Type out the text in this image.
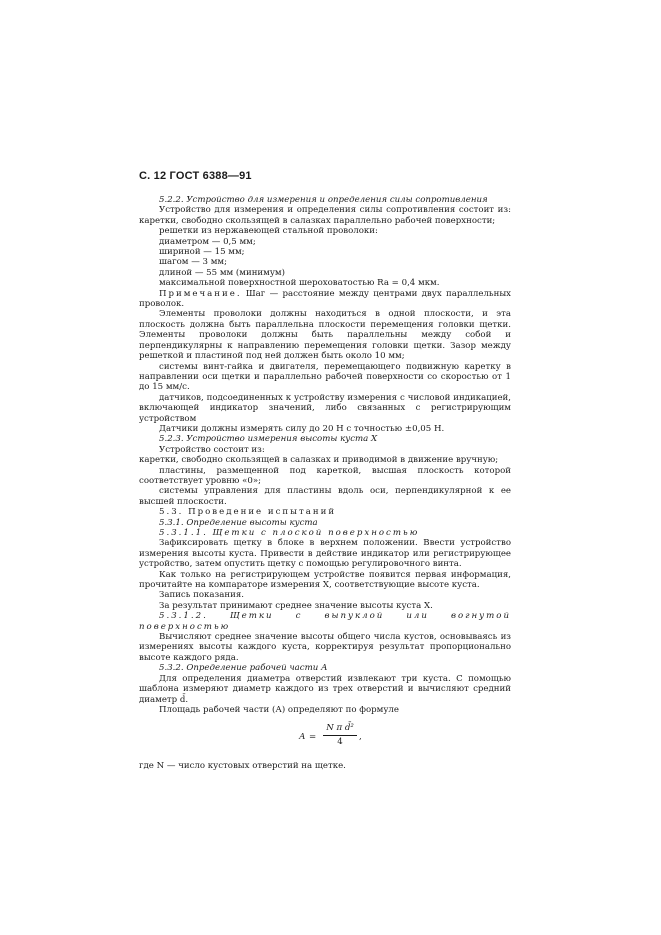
С. 12 ГОСТ 6388—91

5.2.2. Устройство для измерения и определения силы сопротивления

Устройство для измерения и определения силы сопротивления состоит из: каретки, свободно скользящей в салазках параллельно рабочей поверхности;

решетки из нержавеющей стальной проволоки:

диаметром — 0,5 мм;

шириной — 15 мм;

шагом — 3 мм;

длиной — 55 мм (минимум)

максимальной поверхностной шероховатостью Ra = 0,4 мкм.

Примечание. Шаг — расстояние между центрами двух параллельных проволок.

Элементы проволоки должны находиться в одной плоскости, и эта плоскость должна быть параллельна плоскости перемещения головки щетки. Элементы проволоки должны быть параллельны между собой и перпендикулярны к направлению перемещения головки щетки. Зазор между решеткой и пластиной под ней должен быть около 10 мм;

системы винт-гайка и двигателя, перемещающего подвижную каретку в направлении оси щетки и параллельно рабочей поверхности со скоростью от 1 до 15 мм/с.

датчиков, подсоединенных к устройству измерения с числовой индикацией, включающей индикатор значений, либо связанных с регистрирующим устройством

Датчики должны измерять силу до 20 Н с точностью ±0,05 Н.

5.2.3. Устройство измерения высоты куста Х

Устройство состоит из:

каретки, свободно скользящей в салазках и приводимой в движение вручную;

пластины, размещенной под кареткой, высшая плоскость которой соответствует уровню «0»;

системы управления для пластины вдоль оси, перпендикулярной к ее высшей плоскости.

5.3. Проведение испытаний

5.3.1. Определение высоты куста

5.3.1.1. Щетки с плоской поверхностью

Зафиксировать щетку в блоке в верхнем положении. Ввести устройство измерения высоты куста. Привести в действие индикатор или регистрирующее устройство, затем опустить щетку с помощью регулировочного винта.

Как только на регистрирующем устройстве появится первая информация, прочитайте на компараторе измерения Х, соответствующие высоте куста.

Запись показания.

За результат принимают среднее значение высоты куста Х.

5.3.1.2. Щетки с выпуклой или вогнутой поверхностью

Вычисляют среднее значение высоты общего числа кустов, основываясь из измерениях высоты каждого куста, корректируя результат пропорционально высоте каждого ряда.

5.3.2. Определение рабочей части А

Для определения диаметра отверстий извлекают три куста. С помощью шаблона измеряют диаметр каждого из трех отверстий и вычисляют средний диаметр d̄.

Площадь рабочей части (А) определяют по формуле

$А = \frac{\text{N π d̄²}}{4}$ ,

где N — число кустовых отверстий на щетке.
